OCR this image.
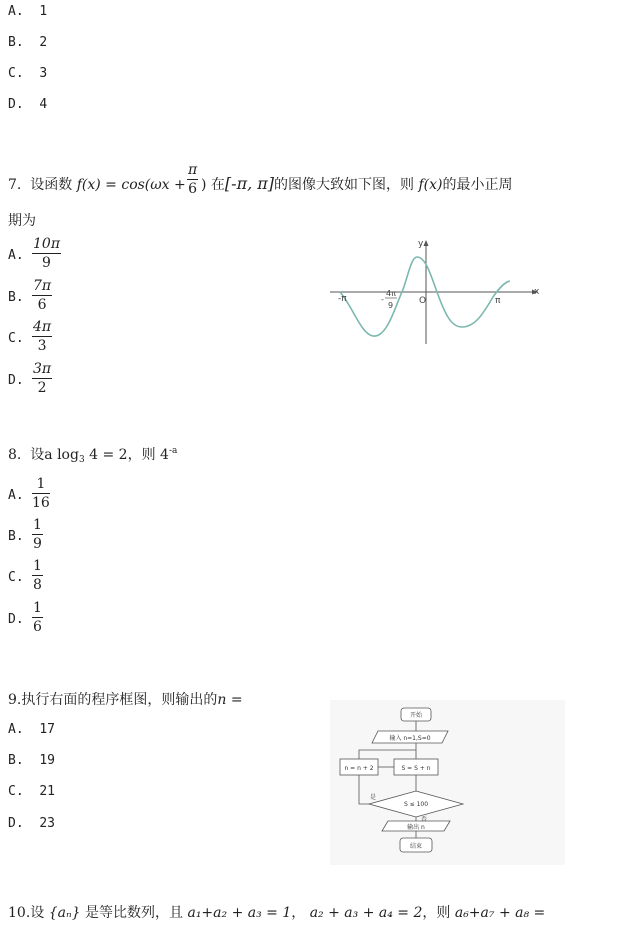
A. 1
B. 2
C. 3
D. 4
7. 设函数 f(x) = cos(ωx +
π
6 ) 在[-π, π]的图像大致如下图，则 f(x)的最小正周
期为
A.
10π
9
B.
7π
6
C.
4π
3
D.
3π
2
x
y
O
-π	π
4π
9
-
8. 设a $\log_3 4 = 2$，则 $4^{-a}$
A.
1
16
B.
1
9
C.
1
8
D.
1
6
9.执行右面的程序框图，则输出的n =
A. 17
B. 19
C. 21
D. 23
开始
输入 n=1,S=0
n = n + 2	S = S + n
S ≤ 100
是
否
输出 n
结束
10.设 {aₙ} 是等比数列，且 a₁+a₂ + a₃ = 1， a₂ + a₃ + a₄ = 2，则 a₆+a₇ + a₈ =
